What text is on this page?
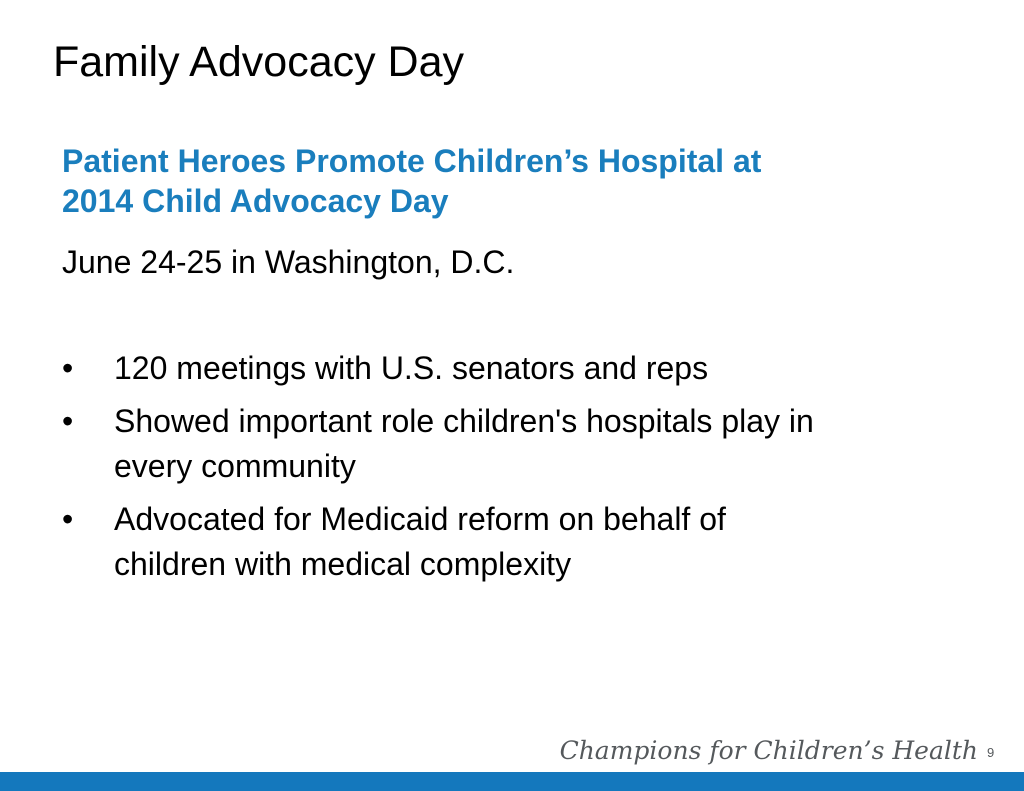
Family Advocacy Day
Patient Heroes Promote Children’s Hospital at
2014 Child Advocacy Day

June 24-25 in Washington, D.C.

• 120 meetings with U.S. senators and reps
• Showed important role children's hospitals play in
every community
• Advocated for Medicaid reform on behalf of
children with medical complexity
Champions for Children’s Health 9
